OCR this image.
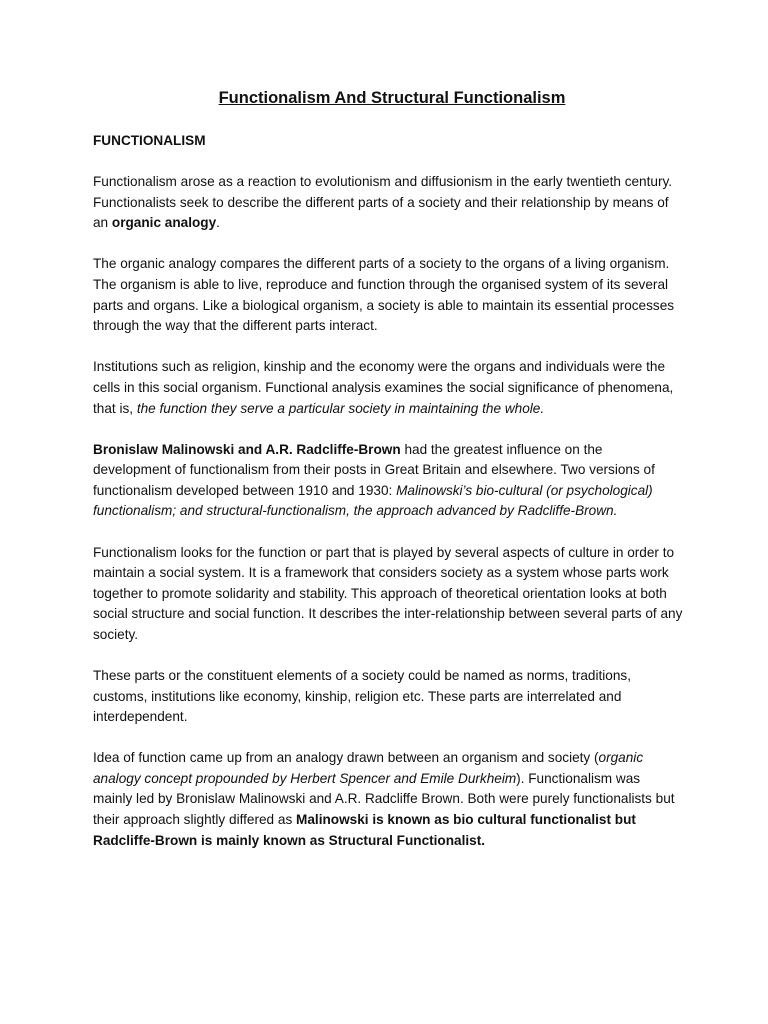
Functionalism And Structural Functionalism
FUNCTIONALISM

Functionalism arose as a reaction to evolutionism and diffusionism in the early twentieth century. Functionalists seek to describe the different parts of a society and their relationship by means of an organic analogy.

The organic analogy compares the different parts of a society to the organs of a living organism. The organism is able to live, reproduce and function through the organised system of its several parts and organs. Like a biological organism, a society is able to maintain its essential processes through the way that the different parts interact.

Institutions such as religion, kinship and the economy were the organs and individuals were the cells in this social organism. Functional analysis examines the social significance of phenomena, that is, the function they serve a particular society in maintaining the whole.

Bronislaw Malinowski and A.R. Radcliffe-Brown had the greatest influence on the development of functionalism from their posts in Great Britain and elsewhere. Two versions of functionalism developed between 1910 and 1930: Malinowski’s bio-cultural (or psychological) functionalism; and structural-functionalism, the approach advanced by Radcliffe-Brown.

Functionalism looks for the function or part that is played by several aspects of culture in order to maintain a social system. It is a framework that considers society as a system whose parts work together to promote solidarity and stability. This approach of theoretical orientation looks at both social structure and social function. It describes the inter-relationship between several parts of any society.

These parts or the constituent elements of a society could be named as norms, traditions, customs, institutions like economy, kinship, religion etc. These parts are interrelated and interdependent.

Idea of function came up from an analogy drawn between an organism and society (organic analogy concept propounded by Herbert Spencer and Emile Durkheim). Functionalism was mainly led by Bronislaw Malinowski and A.R. Radcliffe Brown. Both were purely functionalists but their approach slightly differed as Malinowski is known as bio cultural functionalist but Radcliffe-Brown is mainly known as Structural Functionalist.
